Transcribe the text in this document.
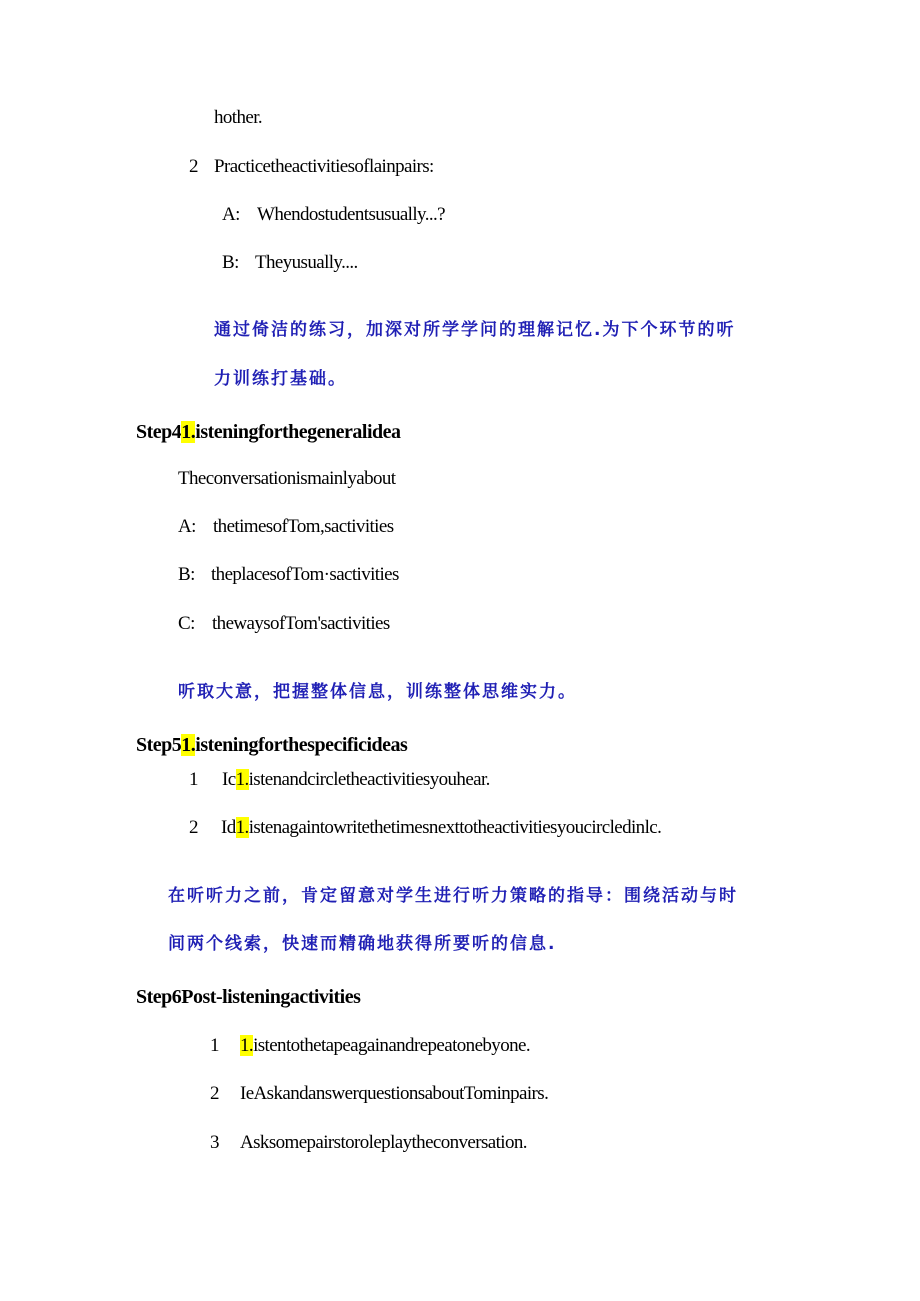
hother.
2 Practicetheactivitiesoflainpairs:
A: Whendostudentsusually...?
B: Theyusually....
通过倚洁的练习，加深对所学学问的理解记忆.为下个环节的听
力训练打基础。
Step41.isteningforthegeneralidea
Theconversationismainlyabout
A: thetimesofTom,sactivities
B: theplacesofTom·sactivities
C: thewaysofTom'sactivities
听取大意，把握整体信息，训练整体思维实力。
Step51.isteningforthespecificideas
1 Ic1.istenandcircletheactivitiesyouhear.
2 Id1.istenagaintowritethetimesnexttotheactivitiesyoucircledinlc.
在听听力之前，肯定留意对学生进行听力策略的指导：围绕活动与时
间两个线索，快速而精确地获得所要听的信息.
Step6Post-listeningactivities
1 1.istentothetapeagainandrepeatonebyone.
2 IeAskandanswerquestionsaboutTominpairs.
3 Asksomepairstoroleplaytheconversation.
